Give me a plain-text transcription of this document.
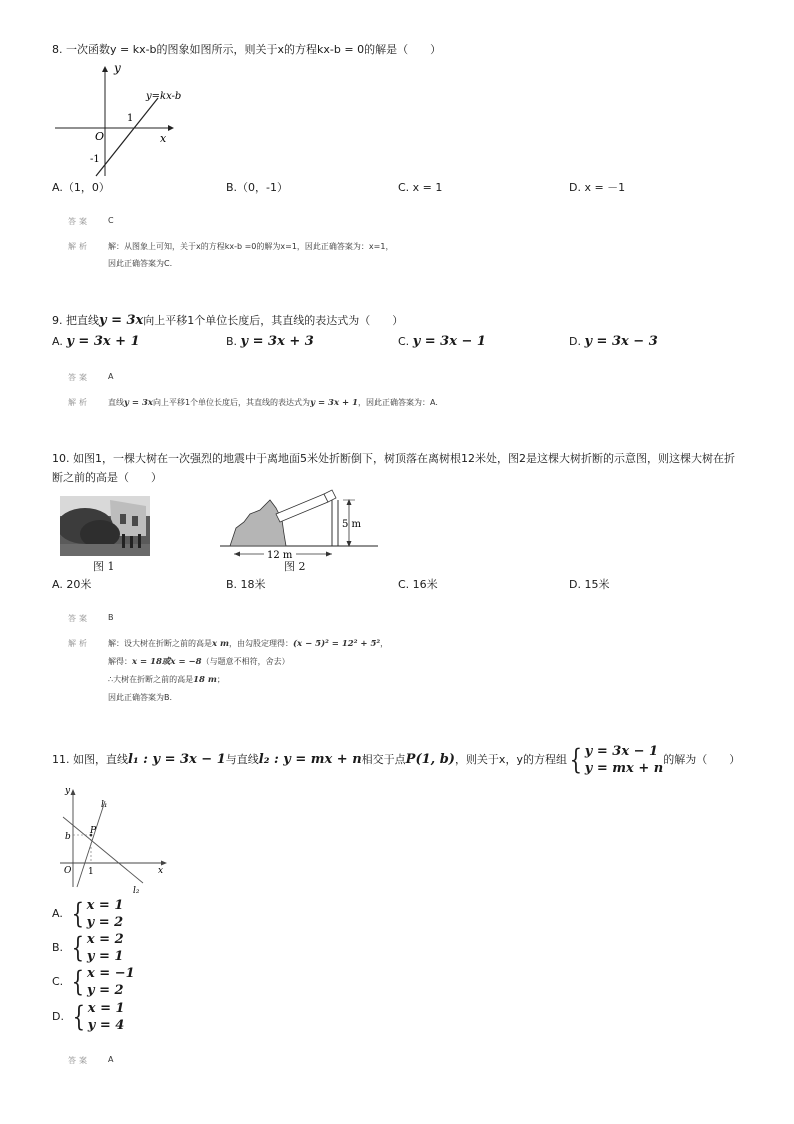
8. 一次函数y = kx-b的图象如图所示，则关于x的方程kx-b = 0的解是（　　）
y
x
O
y=kx-b
1
-1
A.（1，0）	B.（0，-1）	C. x = 1	D. x = －1
答案 C
解析 解：从图象上可知，关于x的方程kx-b =0的解为x=1，因此正确答案为：x=1，
因此正确答案为C.
9. 把直线y = 3x向上平移1个单位长度后，其直线的表达式为（　　）
A. y = 3x + 1	B. y = 3x + 3	C. y = 3x − 1	D. y = 3x − 3
答案 A
解析 直线y = 3x向上平移1个单位长度后，其直线的表达式为y = 3x + 1，因此正确答案为：A.
10. 如图1，一棵大树在一次强烈的地震中于离地面5米处折断倒下，树顶落在离树根12米处，图2是这棵大树折断的示意图，则这棵大树在折
断之前的高是（　　）
图 1
5 m
12 m
图 2
A. 20米	B. 18米	C. 16米	D. 15米
答案 B
解析 解：设大树在折断之前的高是x m，由勾股定理得：(x − 5)² = 12² + 5²，
解得：x = 18或x = −8（与题意不相符，舍去）
∴大树在折断之前的高是18 m；
因此正确答案为B.
11. 如图，直线 l₁ : y = 3x − 1 与直线 l₂ : y = mx + n 相交于点 P(1, b) ，则关于x，y的方程组 { y = 3x − 1
y = mx + n
的解为（　　）
y
x
O
l₁
l₂
P
b
1
A. { x = 1
y = 2
B. { x = 2
y = 1
C. { x = −1
y = 2
D. { x = 1
y = 4
答案 A
